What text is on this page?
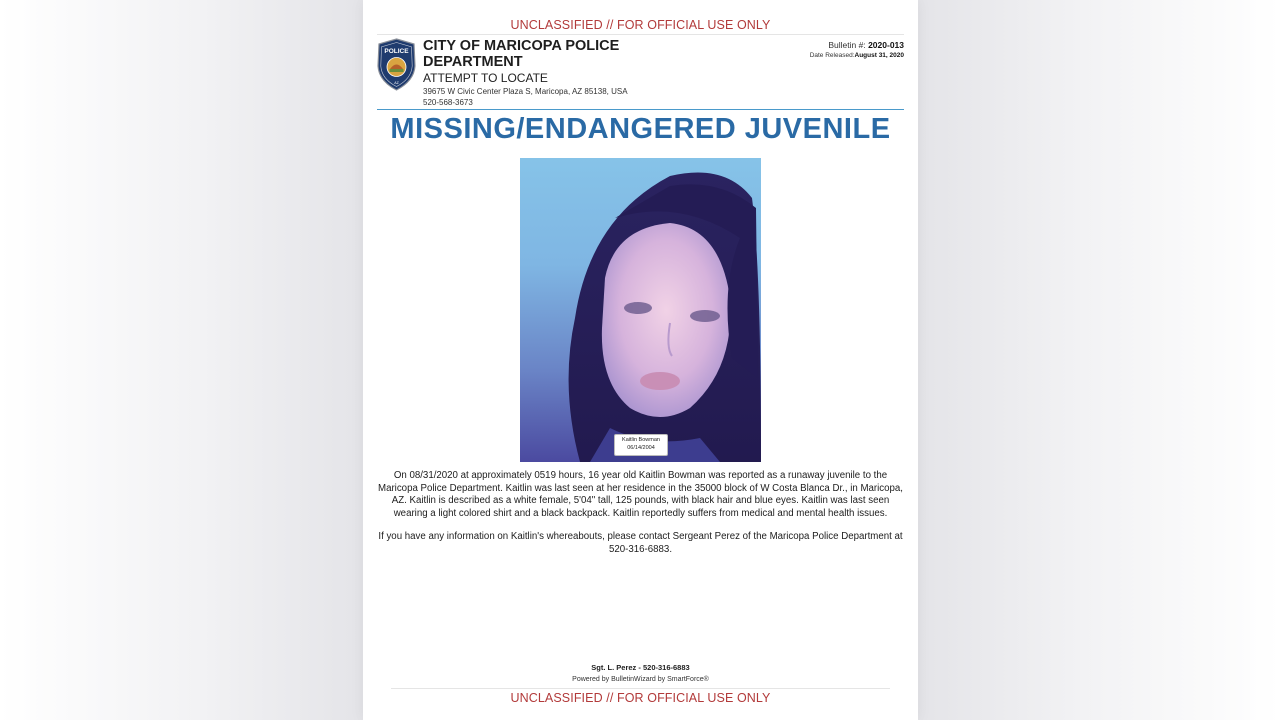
UNCLASSIFIED // FOR OFFICIAL USE ONLY
POLICE
AZ
CITY OF MARICOPA POLICE DEPARTMENT
ATTEMPT TO LOCATE
39675 W Civic Center Plaza S, Maricopa, AZ 85138, USA
520-568-3673
Bulletin #: 2020-013
Date Released:August 31, 2020
MISSING/ENDANGERED JUVENILE
Kaitlin Bowman
06/14/2004
On 08/31/2020 at approximately 0519 hours, 16 year old Kaitlin Bowman was reported as a runaway juvenile to the Maricopa Police Department. Kaitlin was last seen at her residence in the 35000 block of W Costa Blanca Dr., in Maricopa, AZ. Kaitlin is described as a white female, 5'04" tall, 125 pounds, with black hair and blue eyes. Kaitlin was last seen wearing a light colored shirt and a black backpack. Kaitlin reportedly suffers from medical and mental health issues.
If you have any information on Kaitlin's whereabouts, please contact Sergeant Perez of the Maricopa Police Department at 520-316-6883.
Sgt. L. Perez - 520-316-6883
Powered by BulletinWizard by SmartForce®
UNCLASSIFIED // FOR OFFICIAL USE ONLY
